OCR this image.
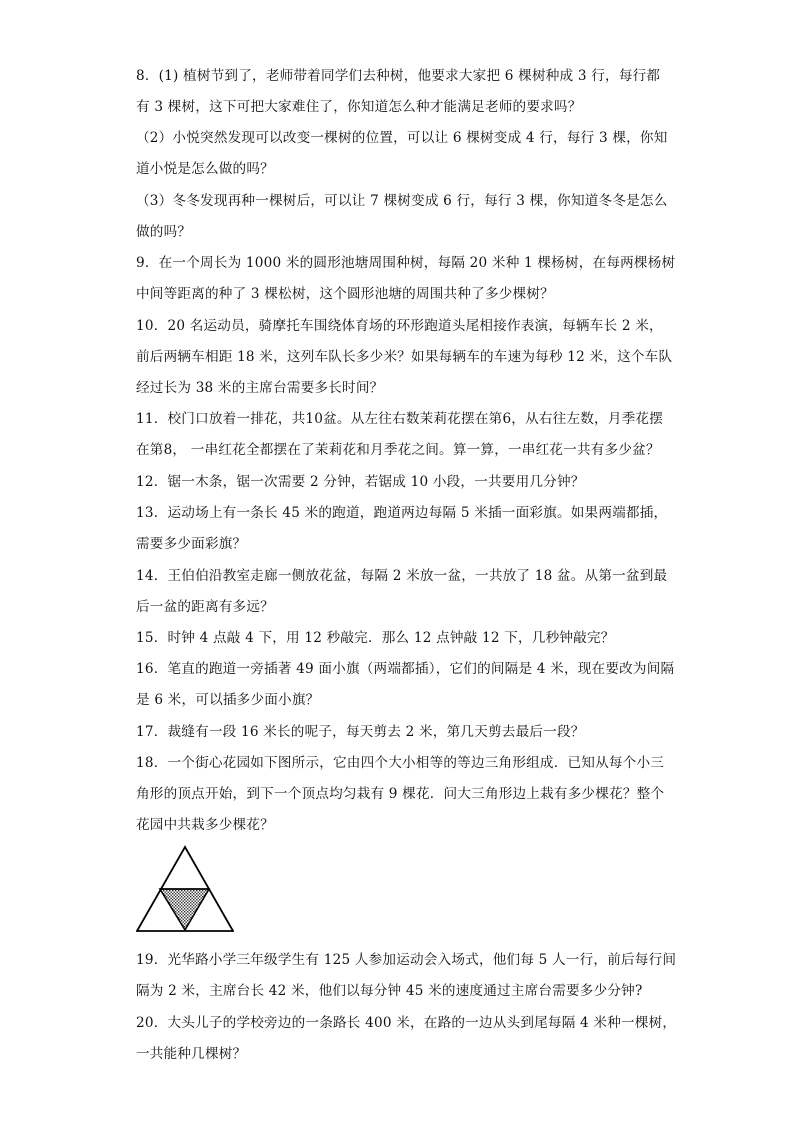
8．(1) 植树节到了，老师带着同学们去种树，他要求大家把 6 棵树种成 3 行，每行都
有 3 棵树，这下可把大家难住了，你知道怎么种才能满足老师的要求吗？
（2）小悦突然发现可以改变一棵树的位置，可以让 6 棵树变成 4 行，每行 3 棵，你知
道小悦是怎么做的吗？
（3）冬冬发现再种一棵树后，可以让 7 棵树变成 6 行，每行 3 棵，你知道冬冬是怎么
做的吗？
9．在一个周长为 1000 米的圆形池塘周围种树，每隔 20 米种 1 棵杨树，在每两棵杨树
中间等距离的种了 3 棵松树，这个圆形池塘的周围共种了多少棵树？
10．20 名运动员，骑摩托车围绕体育场的环形跑道头尾相接作表演，每辆车长 2 米，
前后两辆车相距 18 米，这列车队长多少米？如果每辆车的车速为每秒 12 米，这个车队
经过长为 38 米的主席台需要多长时间？
11．校门口放着一排花，共10盆。从左往右数茉莉花摆在第6，从右往左数，月季花摆
在第8， 一串红花全都摆在了茉莉花和月季花之间。算一算，一串红花一共有多少盆？
12．锯一木条，锯一次需要 2 分钟，若锯成 10 小段，一共要用几分钟？
13．运动场上有一条长 45 米的跑道，跑道两边每隔 5 米插一面彩旗。如果两端都插，
需要多少面彩旗？
14．王伯伯沿教室走廊一侧放花盆，每隔 2 米放一盆，一共放了 18 盆。从第一盆到最
后一盆的距离有多远？
15．时钟 4 点敲 4 下，用 12 秒敲完．那么 12 点钟敲 12 下，几秒钟敲完？
16．笔直的跑道一旁插著 49 面小旗（两端都插），它们的间隔是 4 米，现在要改为间隔
是 6 米，可以插多少面小旗？
17．裁缝有一段 16 米长的呢子，每天剪去 2 米，第几天剪去最后一段？
18．一个街心花园如下图所示，它由四个大小相等的等边三角形组成．已知从每个小三
角形的顶点开始，到下一个顶点均匀栽有 9 棵花．问大三角形边上栽有多少棵花？整个
花园中共栽多少棵花？
19．光华路小学三年级学生有 125 人参加运动会入场式，他们每 5 人一行，前后每行间
隔为 2 米，主席台长 42 米，他们以每分钟 45 米的速度通过主席台需要多少分钟?
20．大头儿子的学校旁边的一条路长 400 米，在路的一边从头到尾每隔 4 米种一棵树，
一共能种几棵树？
